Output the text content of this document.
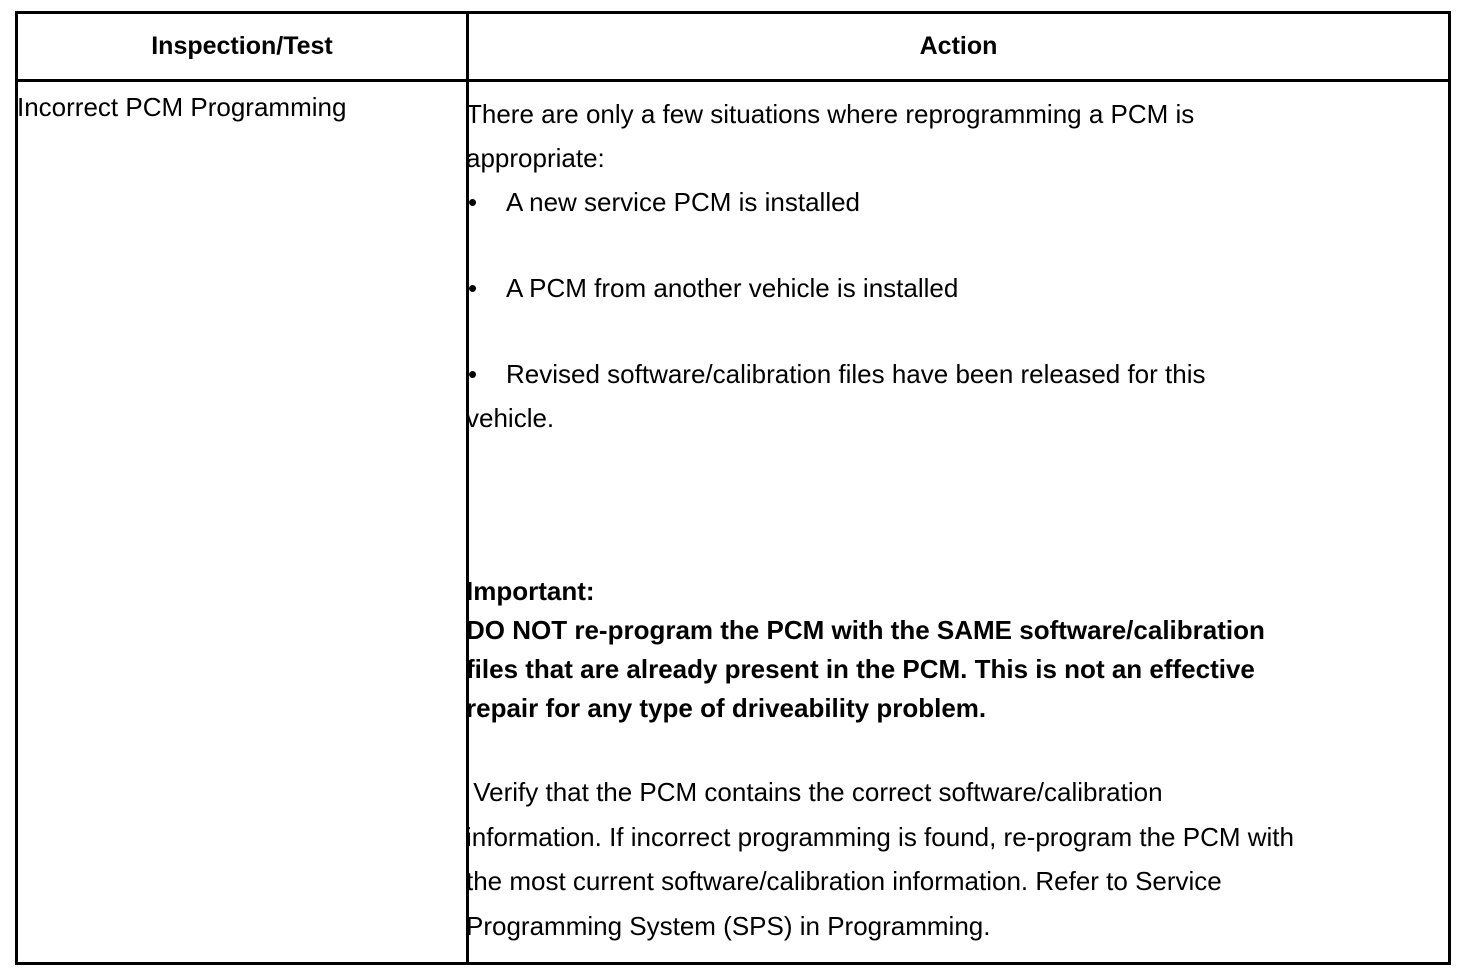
Inspection/Test	Action
Incorrect PCM Programming	There are only a few situations where reprogramming a PCM is
appropriate:
• A new service PCM is installed
• A PCM from another vehicle is installed
• Revised software/calibration files have been released for this
vehicle.
Important:
DO NOT re-program the PCM with the SAME software/calibration
files that are already present in the PCM. This is not an effective
repair for any type of driveability problem.
Verify that the PCM contains the correct software/calibration
information. If incorrect programming is found, re-program the PCM with
the most current software/calibration information. Refer to Service
Programming System (SPS) in Programming.
